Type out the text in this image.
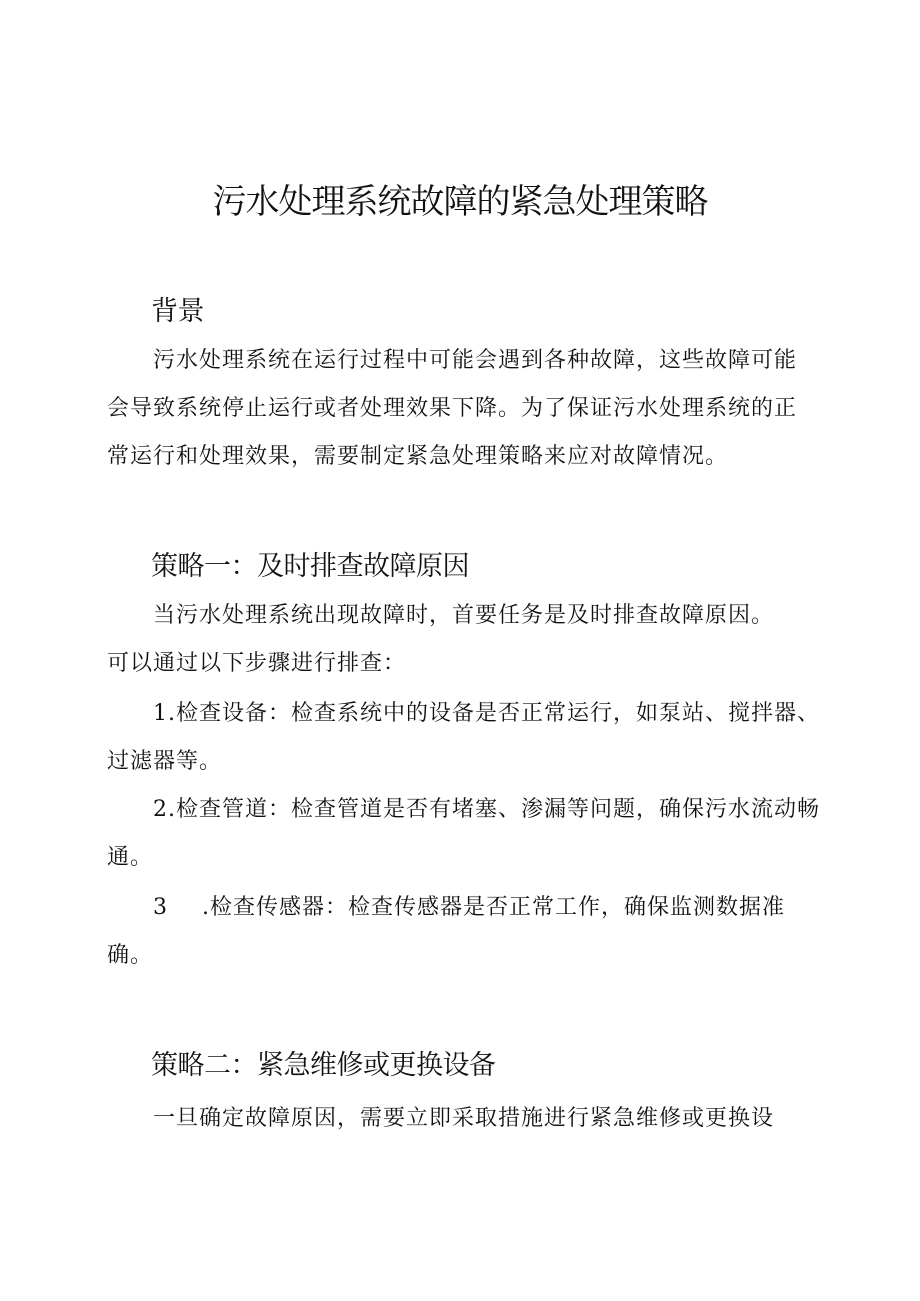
污水处理系统故障的紧急处理策略
背景

污水处理系统在运行过程中可能会遇到各种故障，这些故障可能会导致系统停止运行或者处理效果下降。为了保证污水处理系统的正常运行和处理效果，需要制定紧急处理策略来应对故障情况。

策略一：及时排查故障原因

当污水处理系统出现故障时，首要任务是及时排查故障原因。

可以通过以下步骤进行排查：

1.检查设备：检查系统中的设备是否正常运行，如泵站、搅拌器、过滤器等。

2.检查管道：检查管道是否有堵塞、渗漏等问题，确保污水流动畅通。

3 .检查传感器：检查传感器是否正常工作，确保监测数据准确。

策略二：紧急维修或更换设备

一旦确定故障原因，需要立即采取措施进行紧急维修或更换设
